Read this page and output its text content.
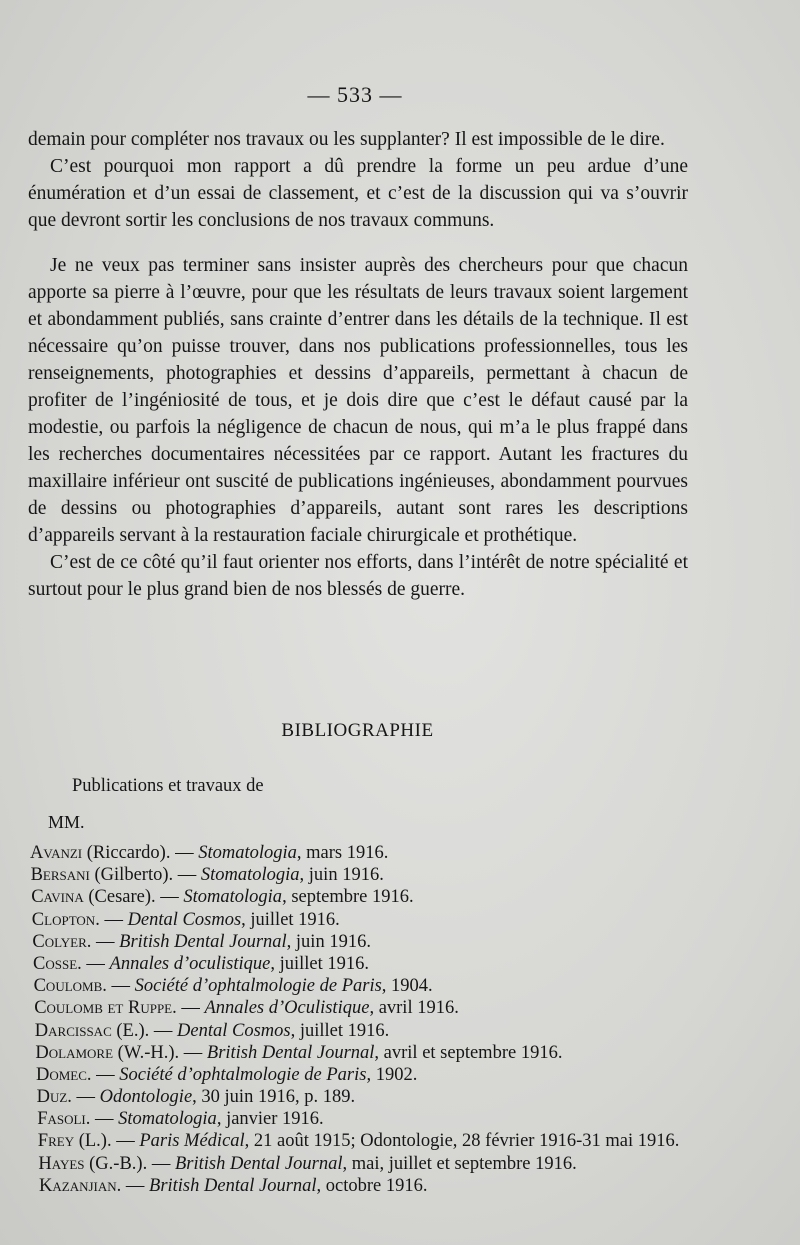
— 533 —

demain pour compléter nos travaux ou les supplanter? Il est impossible de le dire.

C’est pourquoi mon rapport a dû prendre la forme un peu ardue d’une énumération et d’un essai de classement, et c’est de la discussion qui va s’ouvrir que devront sortir les conclusions de nos travaux communs.

Je ne veux pas terminer sans insister auprès des chercheurs pour que chacun apporte sa pierre à l’œuvre, pour que les résultats de leurs travaux soient largement et abondamment publiés, sans crainte d’entrer dans les détails de la technique. Il est nécessaire qu’on puisse trouver, dans nos publications professionnelles, tous les renseignements, photographies et dessins d’appareils, permettant à chacun de profiter de l’ingéniosité de tous, et je dois dire que c’est le défaut causé par la modestie, ou parfois la négligence de chacun de nous, qui m’a le plus frappé dans les recherches documentaires nécessitées par ce rapport. Autant les fractures du maxillaire inférieur ont suscité de publications ingénieuses, abondamment pourvues de dessins ou photographies d’appareils, autant sont rares les descriptions d’appareils servant à la restauration faciale chirurgicale et prothétique.

C’est de ce côté qu’il faut orienter nos efforts, dans l’intérêt de notre spécialité et surtout pour le plus grand bien de nos blessés de guerre.

BIBLIOGRAPHIE
Publications et travaux de
MM.
Avanzi (Riccardo). — Stomatologia, mars 1916.
Bersani (Gilberto). — Stomatologia, juin 1916.
Cavina (Cesare). — Stomatologia, septembre 1916.
Clopton. — Dental Cosmos, juillet 1916.
Colyer. — British Dental Journal, juin 1916.
Cosse. — Annales d’oculistique, juillet 1916.
Coulomb. — Société d’ophtalmologie de Paris, 1904.
Coulomb et Ruppe. — Annales d’Oculistique, avril 1916.
Darcissac (E.). — Dental Cosmos, juillet 1916.
Dolamore (W.-H.). — British Dental Journal, avril et septembre 1916.
Domec. — Société d’ophtalmologie de Paris, 1902.
Duz. — Odontologie, 30 juin 1916, p. 189.
Fasoli. — Stomatologia, janvier 1916.
Frey (L.). — Paris Médical, 21 août 1915; Odontologie, 28 février 1916-31 mai 1916.
Hayes (G.-B.). — British Dental Journal, mai, juillet et septembre 1916.
Kazanjian. — British Dental Journal, octobre 1916.
